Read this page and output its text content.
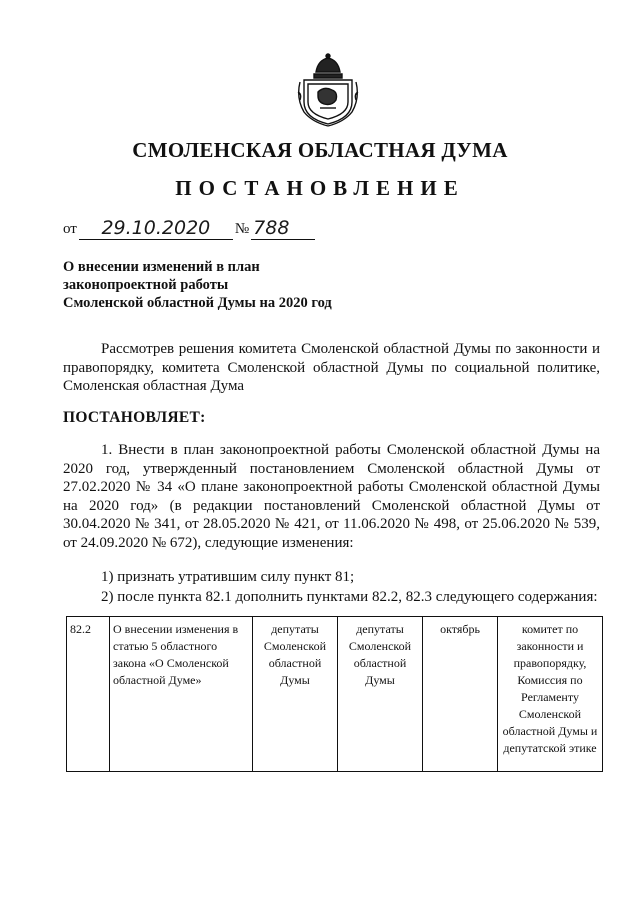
СМОЛЕНСКАЯ ОБЛАСТНАЯ ДУМА
ПОСТАНОВЛЕНИЕ
от	29.10.2020	№ 788
О внесении изменений в план
законопроектной работы
Смоленской областной Думы на 2020 год
Рассмотрев решения комитета Смоленской областной Думы по законности и правопорядку, комитета Смоленской областной Думы по социальной политике, Смоленская областная Дума
ПОСТАНОВЛЯЕТ:
1. Внести в план законопроектной работы Смоленской областной Думы на 2020 год, утвержденный постановлением Смоленской областной Думы от 27.02.2020 № 34 «О плане законопроектной работы Смоленской областной Думы на 2020 год» (в редакции постановлений Смоленской областной Думы от 30.04.2020 № 341, от 28.05.2020 № 421, от 11.06.2020 № 498, от 25.06.2020 № 539, от 24.09.2020 № 672), следующие изменения:
1) признать утратившим силу пункт 81;
2) после пункта 82.1 дополнить пунктами 82.2, 82.3 следующего содержания:
82.2	О внесении изменения в статью 5 областного закона «О Смоленской областной Думе»	депутаты Смоленской областной Думы	депутаты Смоленской областной Думы	октябрь	комитет по законности и правопорядку, Комиссия по Регламенту Смоленской областной Думы и депутатской этике
